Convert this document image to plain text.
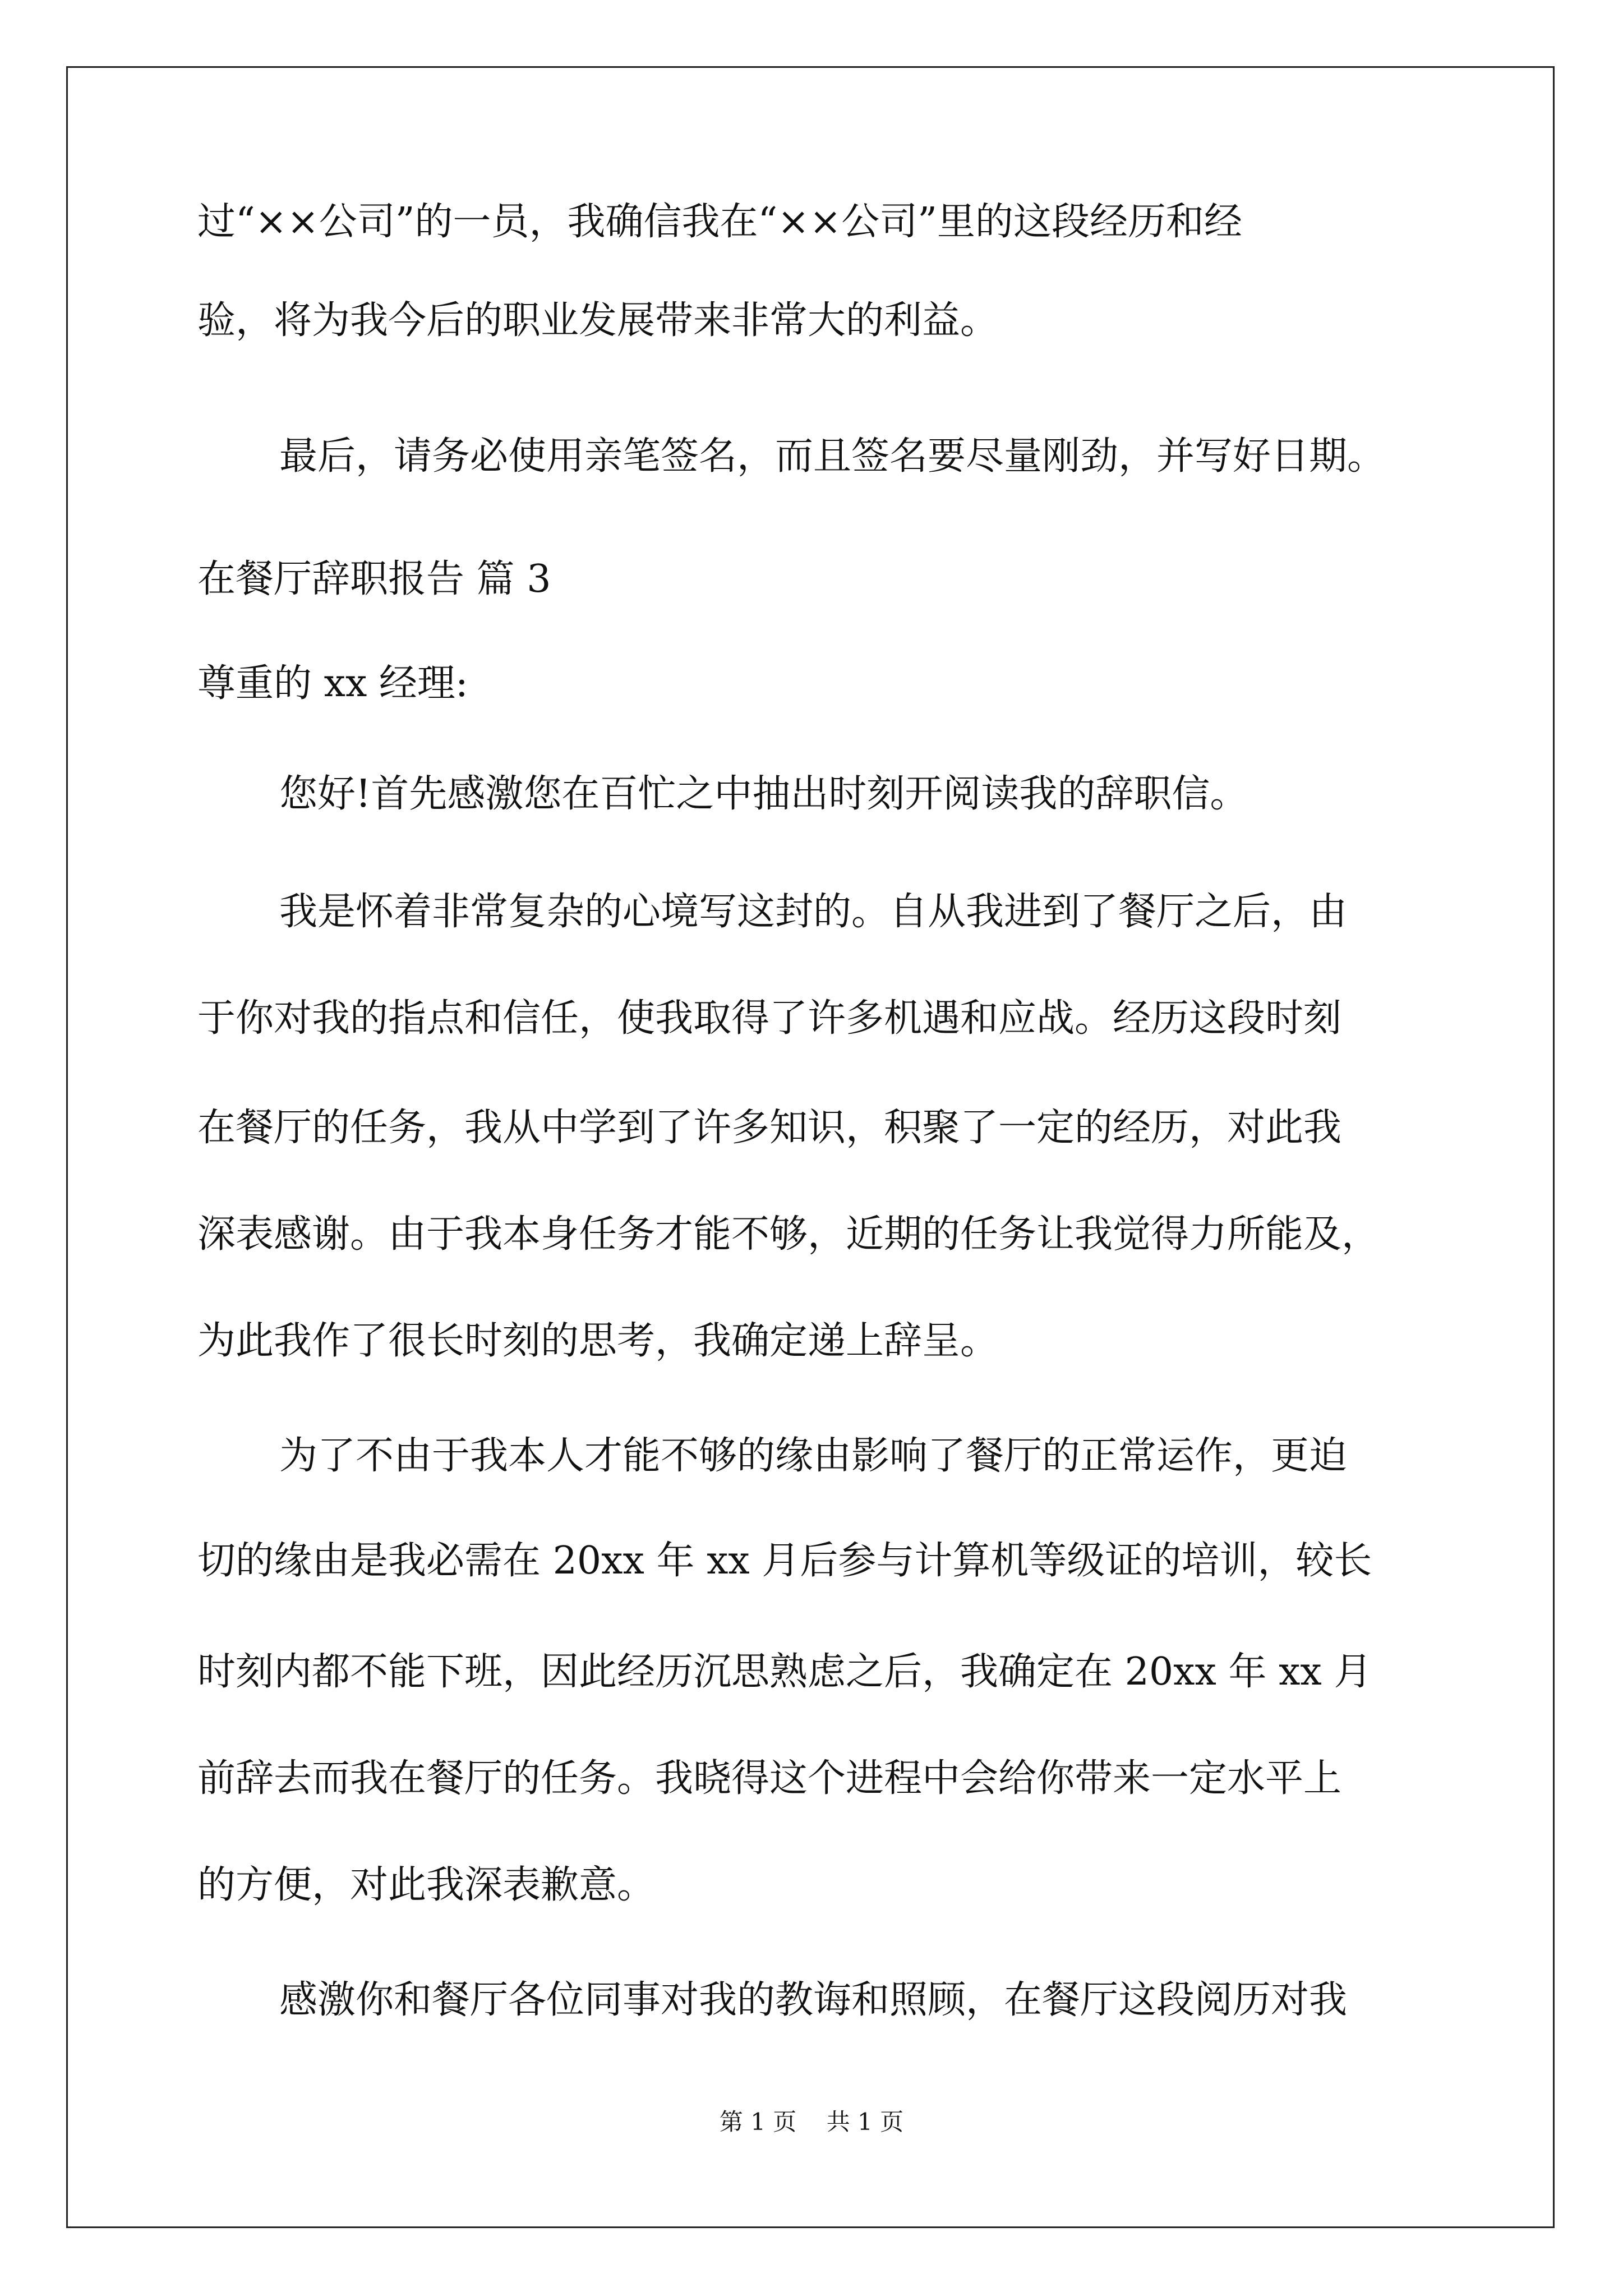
过“××公司”的一员，我确信我在“××公司”里的这段经历和经

验，将为我今后的职业发展带来非常大的利益。

最后，请务必使用亲笔签名，而且签名要尽量刚劲，并写好日期。

在餐厅辞职报告 篇 3

尊重的 xx 经理:

您好!首先感激您在百忙之中抽出时刻开阅读我的辞职信。

我是怀着非常复杂的心境写这封的。自从我进到了餐厅之后，由

于你对我的指点和信任，使我取得了许多机遇和应战。经历这段时刻

在餐厅的任务，我从中学到了许多知识，积聚了一定的经历，对此我

深表感谢。由于我本身任务才能不够，近期的任务让我觉得力所能及，

为此我作了很长时刻的思考，我确定递上辞呈。

为了不由于我本人才能不够的缘由影响了餐厅的正常运作，更迫

切的缘由是我必需在 20xx 年 xx 月后参与计算机等级证的培训，较长

时刻内都不能下班，因此经历沉思熟虑之后，我确定在 20xx 年 xx 月

前辞去而我在餐厅的任务。我晓得这个进程中会给你带来一定水平上

的方便，对此我深表歉意。

感激你和餐厅各位同事对我的教诲和照顾，在餐厅这段阅历对我

第 1 页    共 1 页
